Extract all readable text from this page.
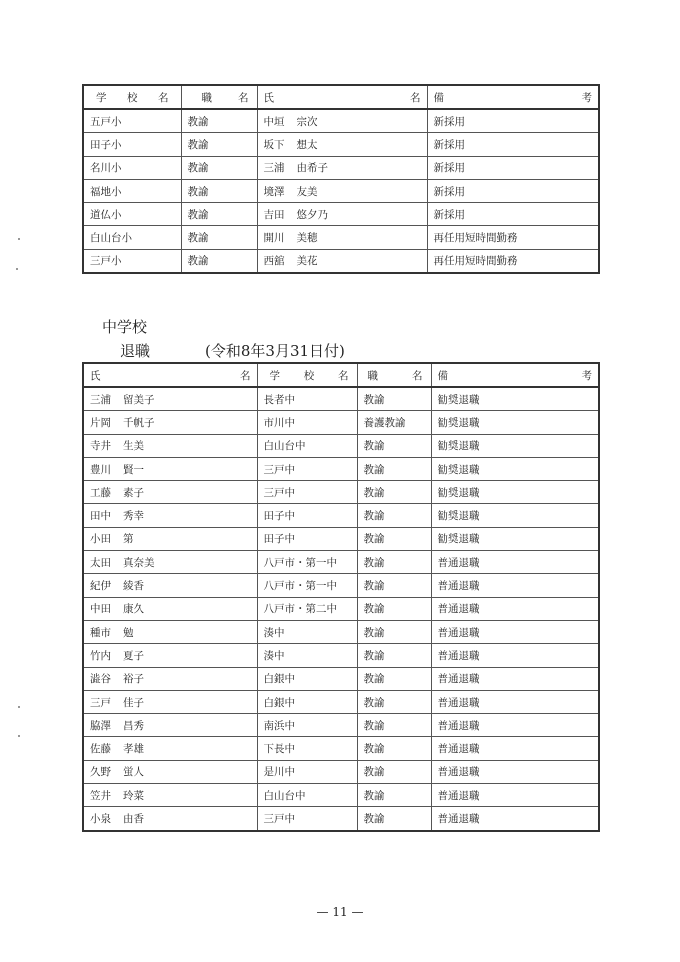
学 校 名	職 名	氏 名	備 考

五戸小	教諭	中垣 宗次	新採用
田子小	教諭	坂下 想太	新採用
名川小	教諭	三浦 由希子	新採用
福地小	教諭	境澤 友美	新採用
道仏小	教諭	吉田 悠夕乃	新採用
白山台小	教諭	開川 美穂	再任用短時間勤務
三戸小	教諭	西舘 美花	再任用短時間勤務
中学校
退職	(令和8年3月31日付)
氏 名	学 校 名	職 名	備 考

三浦 留美子	長者中	教諭	勧奨退職
片岡 千帆子	市川中	養護教諭	勧奨退職
寺井 生美	白山台中	教諭	勧奨退職
豊川 賢一	三戸中	教諭	勧奨退職
工藤 素子	三戸中	教諭	勧奨退職
田中 秀幸	田子中	教諭	勧奨退職
小田 第	田子中	教諭	勧奨退職
太田 真奈美	八戸市・第一中	教諭	普通退職
紀伊 綾香	八戸市・第一中	教諭	普通退職
中田 康久	八戸市・第二中	教諭	普通退職
種市 勉	湊中	教諭	普通退職
竹内 夏子	湊中	教諭	普通退職
澁谷 裕子	白銀中	教諭	普通退職
三戸 佳子	白銀中	教諭	普通退職
脇澤 昌秀	南浜中	教諭	普通退職
佐藤 孝雄	下長中	教諭	普通退職
久野 蛍人	是川中	教諭	普通退職
笠井 玲菜	白山台中	教諭	普通退職
小泉 由香	三戸中	教諭	普通退職
— 11 —
